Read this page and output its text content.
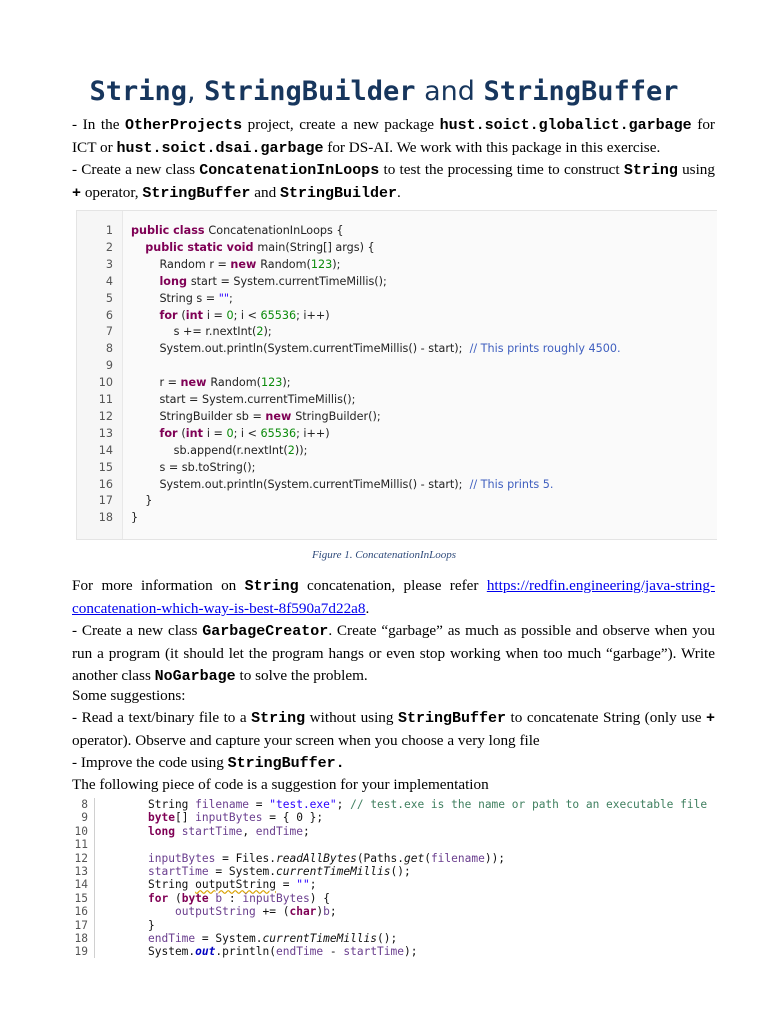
String, StringBuilder and StringBuffer
- In the OtherProjects project, create a new package hust.soict.globalict.garbage for ICT or hust.soict.dsai.garbage for DS-AI. We work with this package in this exercise.
- Create a new class ConcatenationInLoops to test the processing time to construct String using + operator, StringBuffer and StringBuilder.
1 public class ConcatenationInLoops {
2	public static void main(String[] args) {
3 Random r = new Random(123);
4	long start = System.currentTimeMillis();
5 String s = "";
6	for (int i = 0; i < 65536; i++)
7 s += r.nextInt(2);
8 System.out.println(System.currentTimeMillis() - start);  // This prints roughly 4500.
9
10 r = new Random(123);
11 start = System.currentTimeMillis();
12 StringBuilder sb = new StringBuilder();
13	for (int i = 0; i < 65536; i++)
14 sb.append(r.nextInt(2));
15 s = sb.toString();
16 System.out.println(System.currentTimeMillis() - start);  // This prints 5.
17 }
18 }
Figure 1. ConcatenationInLoops
For more information on String concatenation, please refer https://redfin.engineering/java-string-concatenation-which-way-is-best-8f590a7d22a8.
- Create a new class GarbageCreator. Create “garbage” as much as possible and observe when you run a program (it should let the program hangs or even stop working when too much “garbage”). Write another class NoGarbage to solve the problem.
Some suggestions:
- Read a text/binary file to a String without using StringBuffer to concatenate String (only use + operator). Observe and capture your screen when you choose a very long file
- Improve the code using StringBuffer.
The following piece of code is a suggestion for your implementation
8	String filename = "test.exe"; // test.exe is the name or path to an executable file
9	byte[] inputBytes = { 0 };
10	long startTime, endTime;
11
12	inputBytes = Files.readAllBytes(Paths.get(filename));
13	startTime = System.currentTimeMillis();
14	String outputString = "";
15	for (byte b : inputBytes) {
16	outputString += (char)b;
17	}
18	endTime = System.currentTimeMillis();
19	System.out.println(endTime - startTime);
